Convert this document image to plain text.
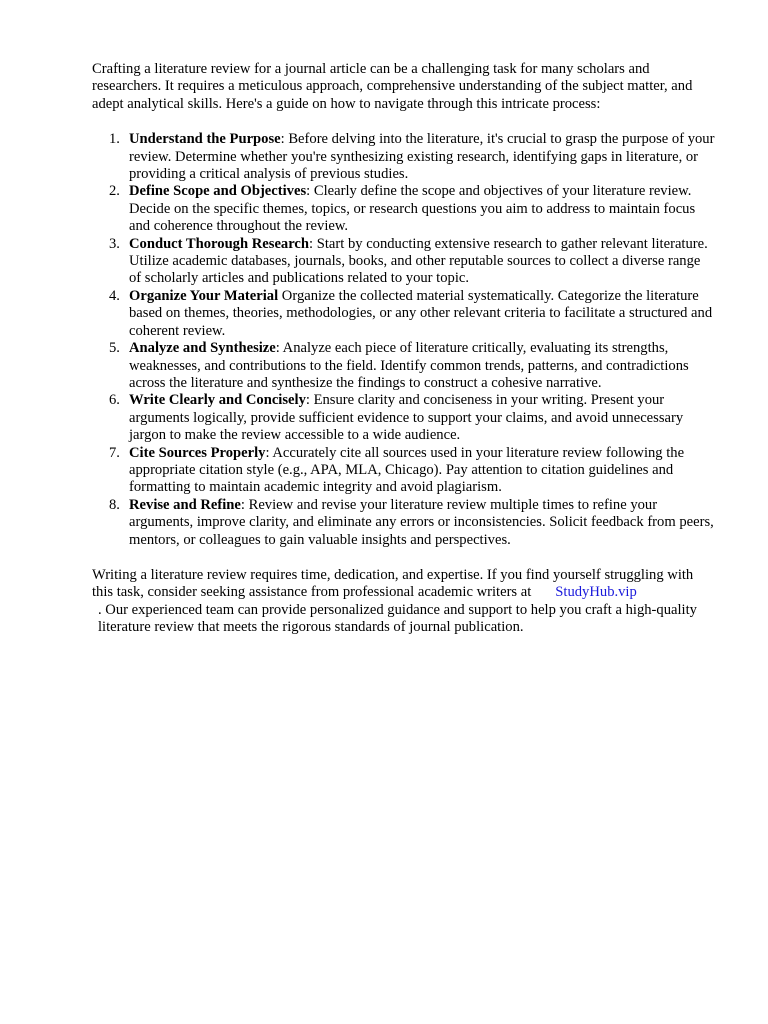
Crafting a literature review for a journal article can be a challenging task for many scholars and researchers. It requires a meticulous approach, comprehensive understanding of the subject matter, and adept analytical skills. Here's a guide on how to navigate through this intricate process:

1. Understand the Purpose: Before delving into the literature, it's crucial to grasp the purpose of your review. Determine whether you're synthesizing existing research, identifying gaps in literature, or providing a critical analysis of previous studies.
2. Define Scope and Objectives: Clearly define the scope and objectives of your literature review. Decide on the specific themes, topics, or research questions you aim to address to maintain focus and coherence throughout the review.
3. Conduct Thorough Research: Start by conducting extensive research to gather relevant literature. Utilize academic databases, journals, books, and other reputable sources to collect a diverse range of scholarly articles and publications related to your topic.
4. Organize Your Material Organize the collected material systematically. Categorize the literature based on themes, theories, methodologies, or any other relevant criteria to facilitate a structured and coherent review.
5. Analyze and Synthesize: Analyze each piece of literature critically, evaluating its strengths, weaknesses, and contributions to the field. Identify common trends, patterns, and contradictions across the literature and synthesize the findings to construct a cohesive narrative.
6. Write Clearly and Concisely: Ensure clarity and conciseness in your writing. Present your arguments logically, provide sufficient evidence to support your claims, and avoid unnecessary jargon to make the review accessible to a wide audience.
7. Cite Sources Properly: Accurately cite all sources used in your literature review following the appropriate citation style (e.g., APA, MLA, Chicago). Pay attention to citation guidelines and formatting to maintain academic integrity and avoid plagiarism.
8. Revise and Refine: Review and revise your literature review multiple times to refine your arguments, improve clarity, and eliminate any errors or inconsistencies. Solicit feedback from peers, mentors, or colleagues to gain valuable insights and perspectives.

Writing a literature review requires time, dedication, and expertise. If you find yourself struggling with this task, consider seeking assistance from professional academic writers at StudyHub.vip
. Our experienced team can provide personalized guidance and support to help you craft a high-quality literature review that meets the rigorous standards of journal publication.
